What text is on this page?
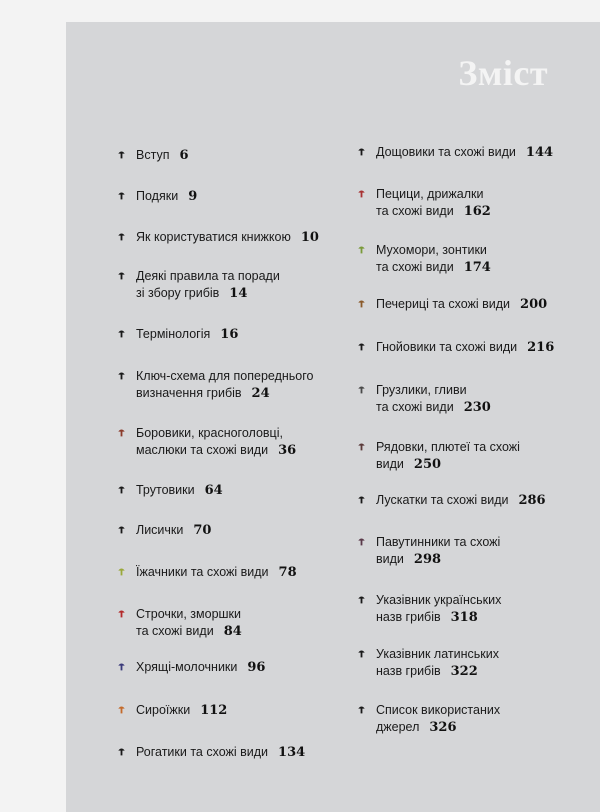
Зміст
Вступ 6
Подяки 9
Як користуватися книжкою 10
Деякі правила та поради
зі збору грибів 14
Термінологія 16
Ключ-схема для попереднього
визначення грибів 24
Боровики, красноголовці,
маслюки та схожі види 36
Трутовики 64
Лисички 70
Їжачники та схожі види 78
Строчки, зморшки
та схожі види 84
Хрящі-молочники 96
Сироїжки 112
Рогатики та схожі види 134
Дощовики та схожі види 144
Пецици, дрижалки
та схожі види 162
Мухомори, зонтики
та схожі види 174
Печериці та схожі види 200
Гнойовики та схожі види 216
Грузлики, гливи
та схожі види 230
Рядовки, плютеї та схожі
види 250
Лускатки та схожі види 286
Павутинники та схожі
види 298
Указівник українських
назв грибів 318
Указівник латинських
назв грибів 322
Список використаних
джерел 326
